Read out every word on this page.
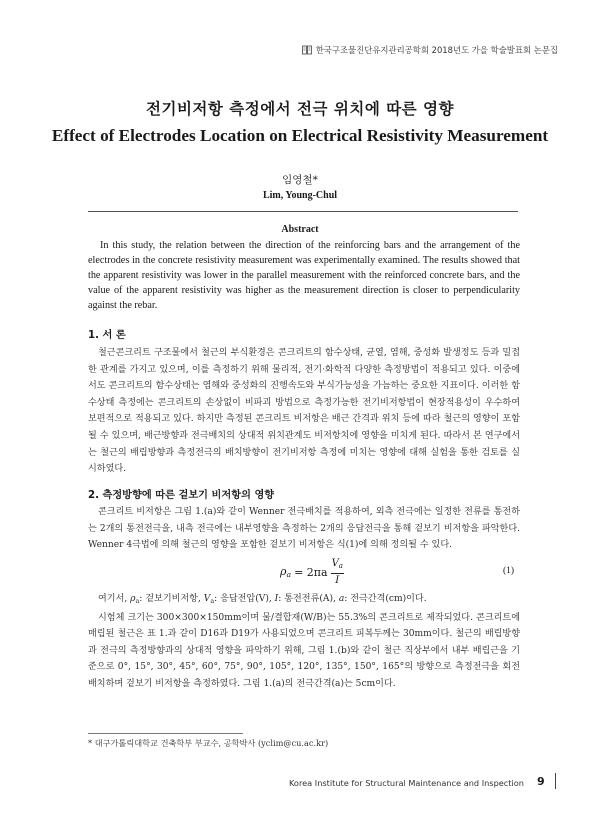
한국구조물진단유지관리공학회 2018년도 가을 학술발표회 논문집
전기비저항 측정에서 전극 위치에 따른 영향
Effect of Electrodes Location on Electrical Resistivity Measurement
임영철*
Lim, Young-Chul
Abstract

In this study, the relation between the direction of the reinforcing bars and the arrangement of the electrodes in the concrete resistivity measurement was experimentally examined. The results showed that the apparent resistivity was lower in the parallel measurement with the reinforced concrete bars, and the value of the apparent resistivity was higher as the measurement direction is closer to perpendicularity against the rebar.

1. 서 론

철근콘크리트 구조물에서 철근의 부식환경은 콘크리트의 함수상태, 균열, 염해, 중성화 발생정도 등과 밀접한 관계를 가지고 있으며, 이를 측정하기 위해 물리적, 전기·화학적 다양한 측정방법이 적용되고 있다. 이중에서도 콘크리트의 함수상태는 염해와 중성화의 진행속도와 부식가능성을 가늠하는 중요한 지표이다. 이러한 함수상태 측정에는 콘크리트의 손상없이 비파괴 방법으로 측정가능한 전기비저항법이 현장적용성이 우수하여 보편적으로 적용되고 있다. 하지만 측정된 콘크리트 비저항은 배근 간격과 위치 등에 따라 철근의 영향이 포함될 수 있으며, 배근방향과 전극배치의 상대적 위치관계도 비저항치에 영향을 미치게 된다. 따라서 본 연구에서는 철근의 배립방향과 측정전극의 배치방향이 전기비저항 측정에 미치는 영향에 대해 실험을 통한 검토를 실시하였다.

2. 측정방향에 따른 겉보기 비저항의 영향

콘크리트 비저항은 그림 1.(a)와 같이 Wenner 전극배치를 적용하여, 외측 전극에는 일정한 전류를 통전하는 2개의 통전전극을, 내측 전극에는 내부영향을 측정하는 2개의 응답전극을 통해 겉보기 비저항을 파악한다. Wenner 4극법에 의해 철근의 영향을 포함한 겉보기 비저항은 식(1)에 의해 정의될 수 있다.

$\rho_a = 2\pi a \frac{V_a}{I}$	(1)

여기서, $\rho_a$: 겉보기비저항, $V_a$: 응답전압(V), I: 통전전류(A), a: 전극간격(cm)이다.
시험체 크기는 300×300×150mm이며 물/결합재(W/B)는 55.3%의 콘크리트로 제작되었다. 콘크리트에 매립된 철근은 표 1.과 같이 D16과 D19가 사용되었으며 콘크리트 피복두께는 30mm이다. 철근의 배립방향과 전극의 측정방향과의 상대적 영향을 파악하기 위해, 그림 1.(b)와 같이 철근 직상부에서 내부 배립근을 기준으로 0°, 15°, 30°, 45°, 60°, 75°, 90°, 105°, 120°, 135°, 150°, 165°의 방향으로 측정전극을 회전 배치하며 겉보기 비저항을 측정하였다. 그림 1.(a)의 전극간격(a)는 5cm이다.

* 대구가톨릭대학교 건축학부 부교수, 공학박사 (yclim@cu.ac.kr)
Korea Institute for Structural Maintenance and Inspection 9
